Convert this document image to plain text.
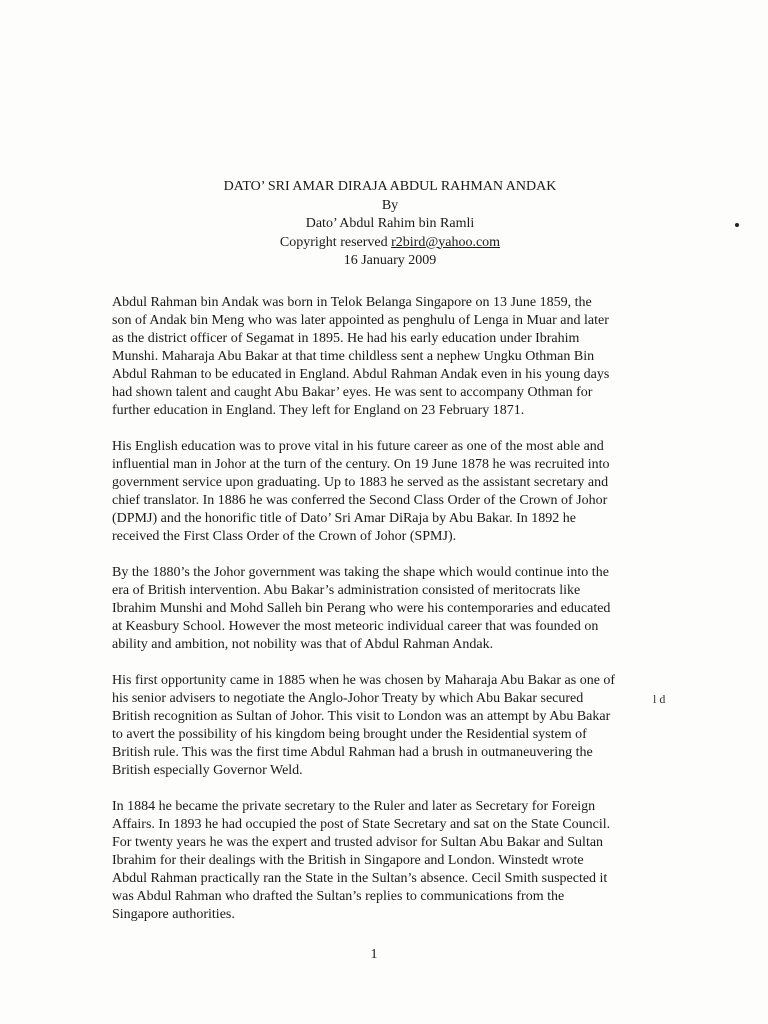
DATO’ SRI AMAR DIRAJA ABDUL RAHMAN ANDAK
By
Dato’ Abdul Rahim bin Ramli
Copyright reserved r2bird@yahoo.com
16 January 2009
Abdul Rahman bin Andak was born in Telok Belanga Singapore on 13 June 1859, the
son of Andak bin Meng who was later appointed as penghulu of Lenga in Muar and later
as the district officer of Segamat in 1895. He had his early education under Ibrahim
Munshi. Maharaja Abu Bakar at that time childless sent a nephew Ungku Othman Bin
Abdul Rahman to be educated in England. Abdul Rahman Andak even in his young days
had shown talent and caught Abu Bakar’ eyes. He was sent to accompany Othman for
further education in England. They left for England on 23 February 1871.
His English education was to prove vital in his future career as one of the most able and
influential man in Johor at the turn of the century. On 19 June 1878 he was recruited into
government service upon graduating. Up to 1883 he served as the assistant secretary and
chief translator. In 1886 he was conferred the Second Class Order of the Crown of Johor
(DPMJ) and the honorific title of Dato’ Sri Amar DiRaja by Abu Bakar. In 1892 he
received the First Class Order of the Crown of Johor (SPMJ).
By the 1880’s the Johor government was taking the shape which would continue into the
era of British intervention. Abu Bakar’s administration consisted of meritocrats like
Ibrahim Munshi and Mohd Salleh bin Perang who were his contemporaries and educated
at Keasbury School. However the most meteoric individual career that was founded on
ability and ambition, not nobility was that of Abdul Rahman Andak.
His first opportunity came in 1885 when he was chosen by Maharaja Abu Bakar as one of
his senior advisers to negotiate the Anglo-Johor Treaty by which Abu Bakar secured
British recognition as Sultan of Johor. This visit to London was an attempt by Abu Bakar
to avert the possibility of his kingdom being brought under the Residential system of
British rule. This was the first time Abdul Rahman had a brush in outmaneuvering the
British especially Governor Weld.
In 1884 he became the private secretary to the Ruler and later as Secretary for Foreign
Affairs. In 1893 he had occupied the post of State Secretary and sat on the State Council.
For twenty years he was the expert and trusted advisor for Sultan Abu Bakar and Sultan
Ibrahim for their dealings with the British in Singapore and London. Winstedt wrote
Abdul Rahman practically ran the State in the Sultan’s absence. Cecil Smith suspected it
was Abdul Rahman who drafted the Sultan’s replies to communications from the
Singapore authorities.
ld
1
